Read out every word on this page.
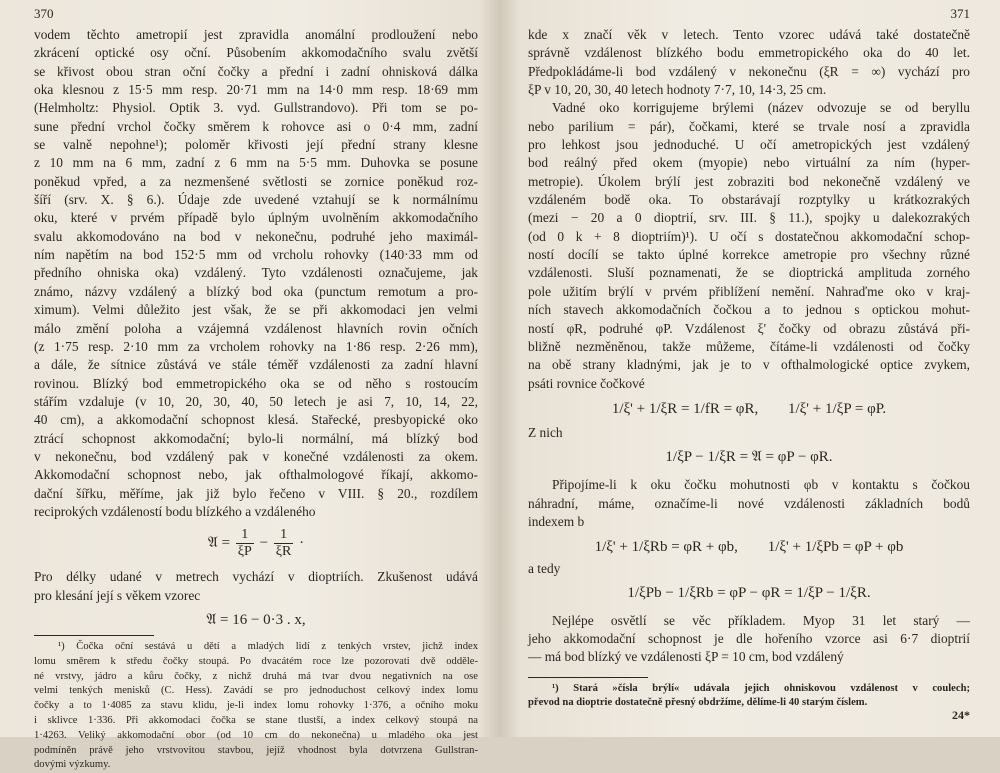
370
vodem těchto ametropií jest zpravidla anomální prodloužení nebo
zkrácení optické osy oční. Působením akkomodačního svalu zvětší
se křivost obou stran oční čočky a přední i zadní ohnisková dálka
oka klesnou z 15·5 mm resp. 20·71 mm na 14·0 mm resp. 18·69 mm
(Helmholtz: Physiol. Optik 3. vyd. Gullstrandovo). Při tom se po-
sune přední vrchol čočky směrem k rohovce asi o 0·4 mm, zadní
se valně nepohne¹); poloměr křivosti její přední strany klesne
z 10 mm na 6 mm, zadní z 6 mm na 5·5 mm. Duhovka se posune
poněkud vpřed, a za nezmenšené světlosti se zornice poněkud roz-
šíří (srv. X. § 6.). Údaje zde uvedené vztahují se k normálnímu
oku, které v prvém případě bylo úplným uvolněním akkomodačního
svalu akkomodováno na bod v nekonečnu, podruhé jeho maximál-
ním napětím na bod 152·5 mm od vrcholu rohovky (140·33 mm od
předního ohniska oka) vzdálený. Tyto vzdálenosti označujeme, jak
známo, názvy vzdálený a blízký bod oka (punctum remotum a pro-
ximum). Velmi důležito jest však, že se při akkomodaci jen velmi
málo změní poloha a vzájemná vzdálenost hlavních rovin očních
(z 1·75 resp. 2·10 mm za vrcholem rohovky na 1·86 resp. 2·26 mm),
a dále, že sítnice zůstává ve stále téměř vzdálenosti za zadní hlavní
rovinou. Blízký bod emmetropického oka se od něho s rostoucím
stářím vzdaluje (v 10, 20, 30, 40, 50 letech je asi 7, 10, 14, 22,
40 cm), a akkomodační schopnost klesá. Stařecké, presbyopické oko
ztrácí schopnost akkomodační; bylo-li normální, má blízký bod
v nekonečnu, bod vzdálený pak v konečné vzdálenosti za okem.
Akkomodační schopnost nebo, jak ofthalmologové říkají, akkomo-
dační šířku, měříme, jak již bylo řečeno v VIII. § 20., rozdílem
reciprokých vzdáleností bodu blízkého a vzdáleného
𝔄 = $\frac{1}{\xi P} - \frac{1}{\xi R}$ ·
Pro délky udané v metrech vychází v dioptriích. Zkušenost udává
pro klesání její s věkem vzorec
𝔄 = 16 − 0·3 . x,
¹) Čočka oční sestává u dětí a mladých lidí z tenkých vrstev, jichž index
lomu směrem k středu čočky stoupá. Po dvacátém roce lze pozorovati dvě odděle-
né vrstvy, jádro a kůru čočky, z nichž druhá má tvar dvou negativních na ose
velmi tenkých menisků (C. Hess). Zavádí se pro jednoduchost celkový index lomu
čočky a to 1·4085 za stavu klidu, je-li index lomu rohovky 1·376, a očního moku
i sklivce 1·336. Při akkomodaci čočka se stane tlustší, a index celkový stoupá na
1·4263. Veliký akkomodační obor (od 10 cm do nekonečna) u mladého oka jest
podmíněn právě jeho vrstvovitou stavbou, jejíž vhodnost byla dotvrzena Gullstran-
dovými výzkumy.
371
kde x značí věk v letech. Tento vzorec udává také dostatečně
správně vzdálenost blízkého bodu emmetropického oka do 40 let.
Předpokládáme-li bod vzdálený v nekonečnu (ξR = ∞) vychází pro
ξP v 10, 20, 30, 40 letech hodnoty 7·7, 10, 14·3, 25 cm.
Vadné oko korrigujeme brýlemi (název odvozuje se od beryllu
nebo parilium = pár), čočkami, které se trvale nosí a zpravidla
pro lehkost jsou jednoduché. U očí ametropických jest vzdálený
bod reálný před okem (myopie) nebo virtuální za ním (hyper-
metropie). Úkolem brýlí jest zobraziti bod nekonečně vzdálený ve
vzdáleném bodě oka. To obstarávají rozptylky u krátkozrakých
(mezi − 20 a 0 dioptrií, srv. III. § 11.), spojky u dalekozrakých
(od 0 k + 8 dioptriím)¹). U očí s dostatečnou akkomodační schop-
ností docílí se takto úplné korrekce ametropie pro všechny různé
vzdálenosti. Sluší poznamenati, že se dioptrická amplituda zorného
pole užitím brýlí v prvém přiblížení nemění. Nahraďme oko v kraj-
ních stavech akkomodačních čočkou a to jednou s optickou mohut-
ností φR, podruhé φP. Vzdálenost ξ' čočky od obrazu zůstává při-
bližně nezměněnou, takže můžeme, čítáme-li vzdálenosti od čočky
na obě strany kladnými, jak je to v ofthalmologické optice zvykem,
psáti rovnice čočkové
1/ξ' + 1/ξR = 1/fR = φR, 1/ξ' + 1/ξP = φP.
Z nich
1/ξP − 1/ξR = 𝔄 = φP − φR.
Připojíme-li k oku čočku mohutnosti φb v kontaktu s čočkou
náhradní, máme, označíme-li nové vzdálenosti základních bodů
indexem b
1/ξ' + 1/ξRb = φR + φb, 1/ξ' + 1/ξPb = φP + φb
a tedy
1/ξPb − 1/ξRb = φP − φR = 1/ξP − 1/ξR.
Nejlépe osvětlí se věc příkladem. Myop 31 let starý —
jeho akkomodační schopnost je dle hořeního vzorce asi 6·7 dioptrií
— má bod blízký ve vzdálenosti ξP = 10 cm, bod vzdálený
¹) Stará »čísla brýlí« udávala jejich ohniskovou vzdálenost v coulech;
převod na dioptrie dostatečně přesný obdržíme, dělíme-li 40 starým číslem.
24*
